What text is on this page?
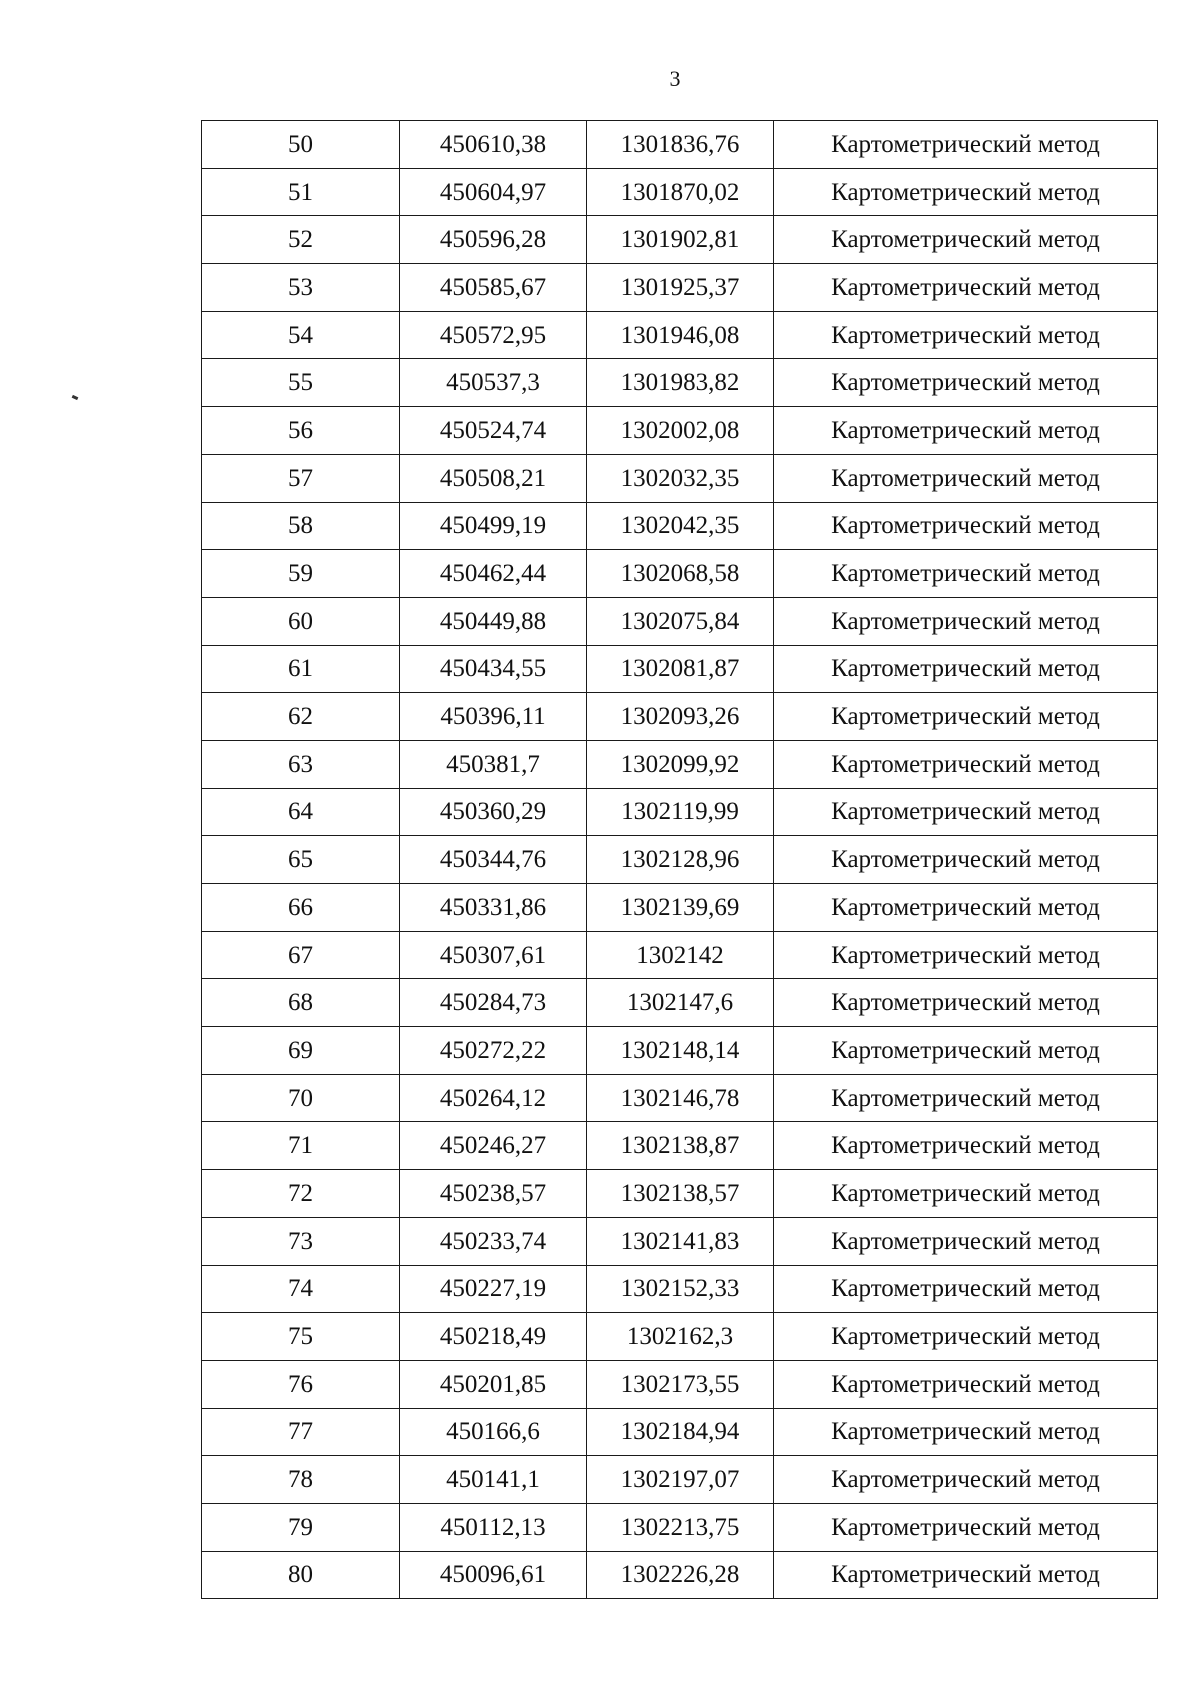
3
50	450610,38	1301836,76	Картометрический метод
51	450604,97	1301870,02	Картометрический метод
52	450596,28	1301902,81	Картометрический метод
53	450585,67	1301925,37	Картометрический метод
54	450572,95	1301946,08	Картометрический метод
55	450537,3	1301983,82	Картометрический метод
56	450524,74	1302002,08	Картометрический метод
57	450508,21	1302032,35	Картометрический метод
58	450499,19	1302042,35	Картометрический метод
59	450462,44	1302068,58	Картометрический метод
60	450449,88	1302075,84	Картометрический метод
61	450434,55	1302081,87	Картометрический метод
62	450396,11	1302093,26	Картометрический метод
63	450381,7	1302099,92	Картометрический метод
64	450360,29	1302119,99	Картометрический метод
65	450344,76	1302128,96	Картометрический метод
66	450331,86	1302139,69	Картометрический метод
67	450307,61	1302142	Картометрический метод
68	450284,73	1302147,6	Картометрический метод
69	450272,22	1302148,14	Картометрический метод
70	450264,12	1302146,78	Картометрический метод
71	450246,27	1302138,87	Картометрический метод
72	450238,57	1302138,57	Картометрический метод
73	450233,74	1302141,83	Картометрический метод
74	450227,19	1302152,33	Картометрический метод
75	450218,49	1302162,3	Картометрический метод
76	450201,85	1302173,55	Картометрический метод
77	450166,6	1302184,94	Картометрический метод
78	450141,1	1302197,07	Картометрический метод
79	450112,13	1302213,75	Картометрический метод
80	450096,61	1302226,28	Картометрический метод
